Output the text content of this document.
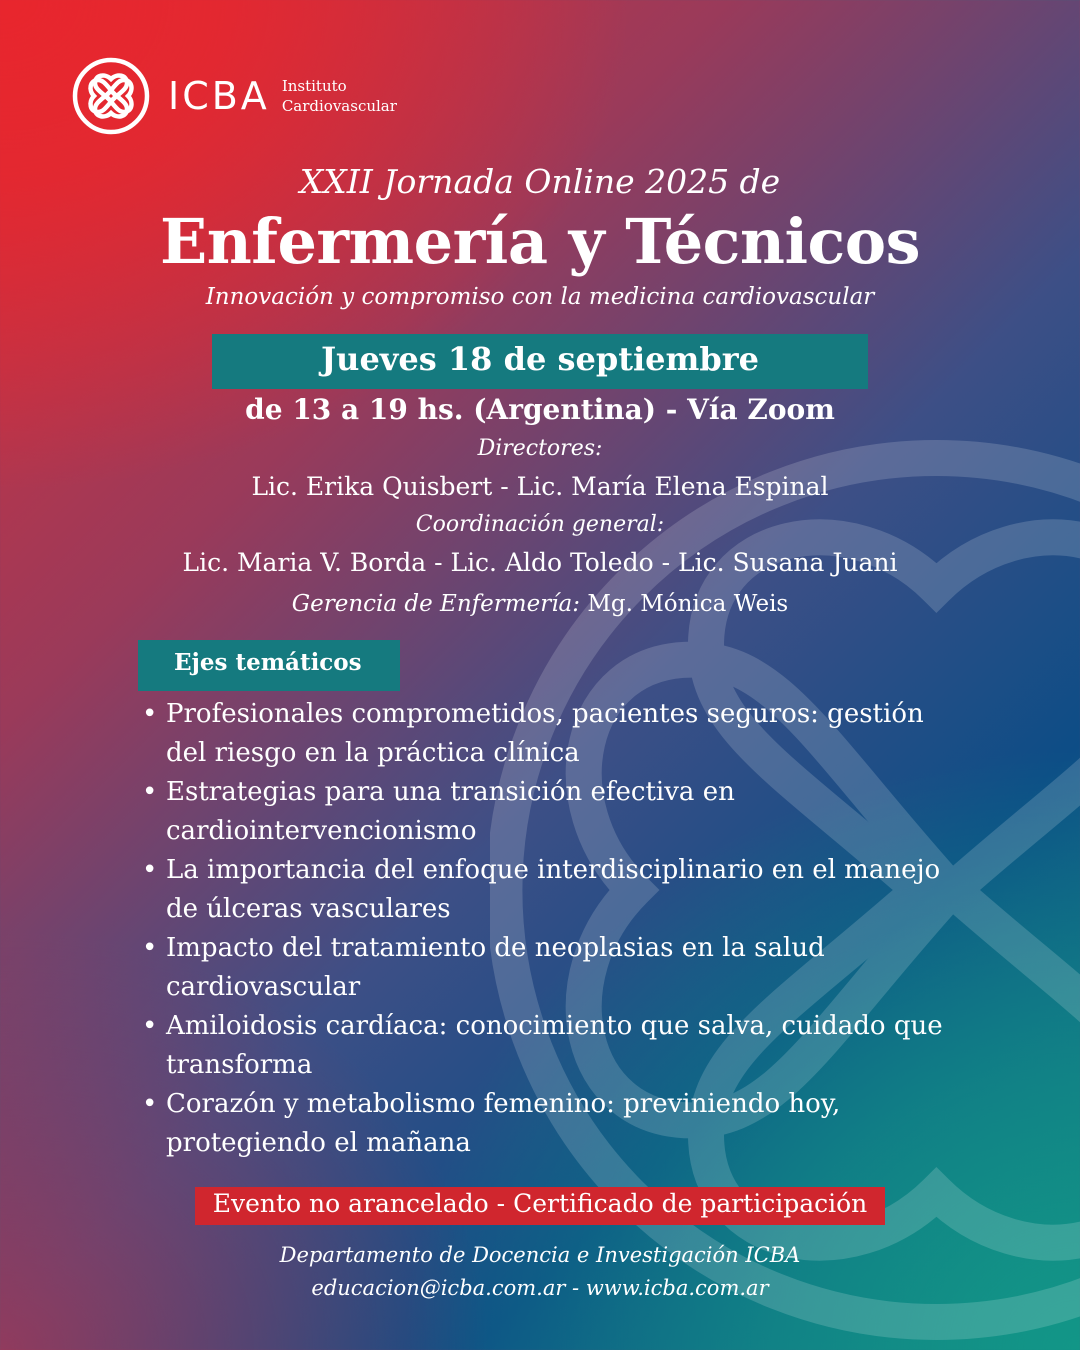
ICBA Instituto
Cardiovascular
XXII Jornada Online 2025 de
Enfermería y Técnicos
Innovación y compromiso con la medicina cardiovascular
Jueves 18 de septiembre
de 13 a 19 hs. (Argentina) - Vía Zoom
Directores:
Lic. Erika Quisbert - Lic. María Elena Espinal
Coordinación general:
Lic. Maria V. Borda - Lic. Aldo Toledo - Lic. Susana Juani
Gerencia de Enfermería: Mg. Mónica Weis
Ejes temáticos
• Profesionales comprometidos, pacientes seguros: gestión del riesgo en la práctica clínica
• Estrategias para una transición efectiva en cardiointervencionismo
• La importancia del enfoque interdisciplinario en el manejo de úlceras vasculares
• Impacto del tratamiento de neoplasias en la salud cardiovascular
• Amiloidosis cardíaca: conocimiento que salva, cuidado que transforma
• Corazón y metabolismo femenino: previniendo hoy, protegiendo el mañana
Evento no arancelado - Certificado de participación
Departamento de Docencia e Investigación ICBA
educacion@icba.com.ar - www.icba.com.ar
